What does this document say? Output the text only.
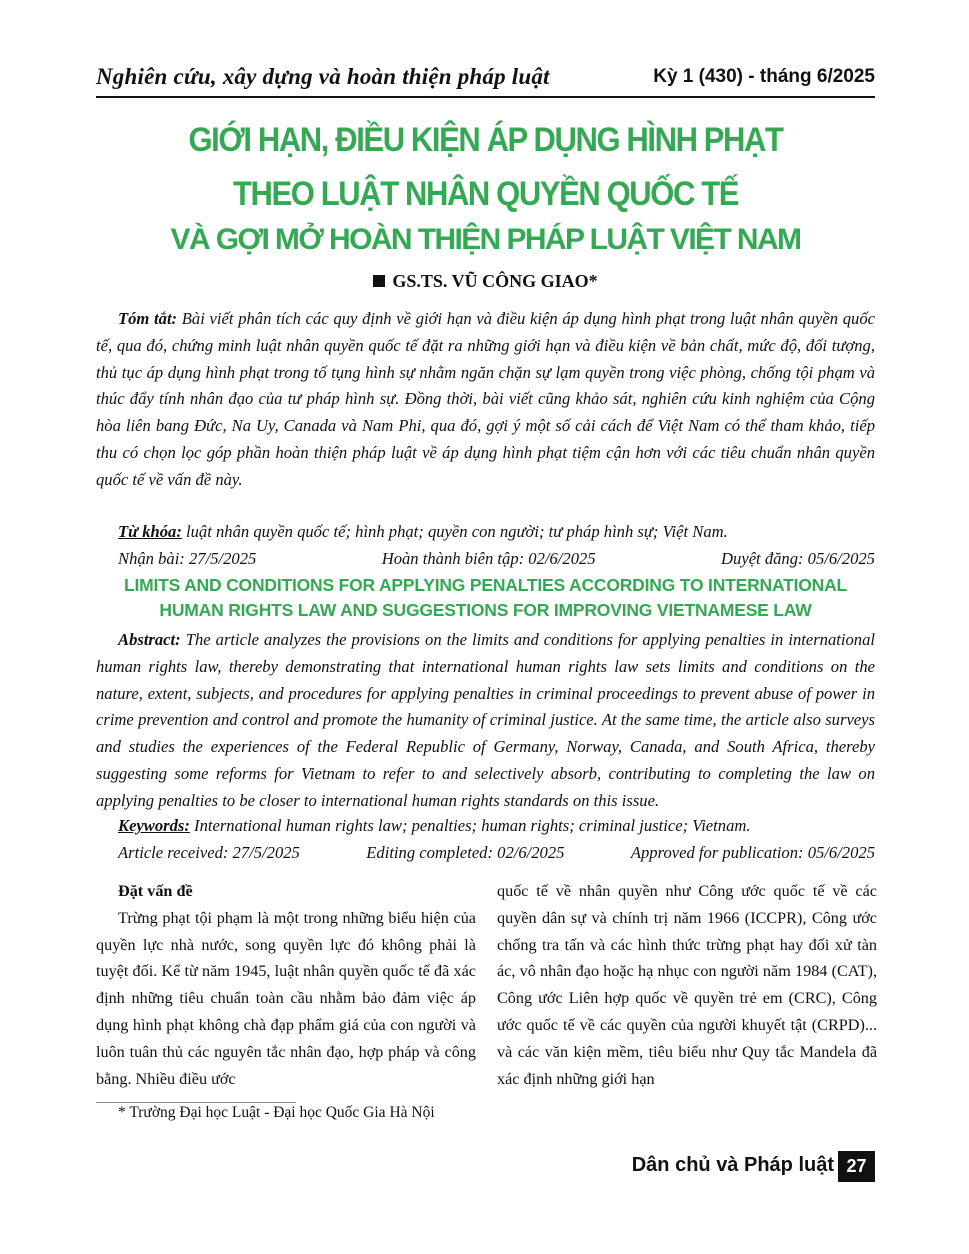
Nghiên cứu, xây dựng và hoàn thiện pháp luật	Kỳ 1 (430) - tháng 6/2025
GIỚI HẠN, ĐIỀU KIỆN ÁP DỤNG HÌNH PHẠT
THEO LUẬT NHÂN QUYỀN QUỐC TẾ
VÀ GỢI MỞ HOÀN THIỆN PHÁP LUẬT VIỆT NAM
GS.TS. VŨ CÔNG GIAO*
Tóm tắt: Bài viết phân tích các quy định về giới hạn và điều kiện áp dụng hình phạt trong luật nhân quyền quốc tế, qua đó, chứng minh luật nhân quyền quốc tế đặt ra những giới hạn và điều kiện về bản chất, mức độ, đối tượng, thủ tục áp dụng hình phạt trong tố tụng hình sự nhằm ngăn chặn sự lạm quyền trong việc phòng, chống tội phạm và thúc đẩy tính nhân đạo của tư pháp hình sự. Đồng thời, bài viết cũng khảo sát, nghiên cứu kinh nghiệm của Cộng hòa liên bang Đức, Na Uy, Canada và Nam Phi, qua đó, gợi ý một số cải cách để Việt Nam có thể tham khảo, tiếp thu có chọn lọc góp phần hoàn thiện pháp luật về áp dụng hình phạt tiệm cận hơn với các tiêu chuẩn nhân quyền quốc tế về vấn đề này.
Từ khóa: luật nhân quyền quốc tế; hình phạt; quyền con người; tư pháp hình sự; Việt Nam.
Nhận bài: 27/5/2025	Hoàn thành biên tập: 02/6/2025	Duyệt đăng: 05/6/2025
LIMITS AND CONDITIONS FOR APPLYING PENALTIES ACCORDING TO INTERNATIONAL
HUMAN RIGHTS LAW AND SUGGESTIONS FOR IMPROVING VIETNAMESE LAW
Abstract: The article analyzes the provisions on the limits and conditions for applying penalties in international human rights law, thereby demonstrating that international human rights law sets limits and conditions on the nature, extent, subjects, and procedures for applying penalties in criminal proceedings to prevent abuse of power in crime prevention and control and promote the humanity of criminal justice. At the same time, the article also surveys and studies the experiences of the Federal Republic of Germany, Norway, Canada, and South Africa, thereby suggesting some reforms for Vietnam to refer to and selectively absorb, contributing to completing the law on applying penalties to be closer to international human rights standards on this issue.
Keywords: International human rights law; penalties; human rights; criminal justice; Vietnam.
Article received: 27/5/2025	Editing completed: 02/6/2025	Approved for publication: 05/6/2025
Đặt vấn đề
Trừng phạt tội phạm là một trong những biểu hiện của quyền lực nhà nước, song quyền lực đó không phải là tuyệt đối. Kể từ năm 1945, luật nhân quyền quốc tế đã xác định những tiêu chuẩn toàn cầu nhằm bảo đảm việc áp dụng hình phạt không chà đạp phẩm giá của con người và luôn tuân thủ các nguyên tắc nhân đạo, hợp pháp và công bằng. Nhiều điều ước
quốc tế về nhân quyền như Công ước quốc tế về các quyền dân sự và chính trị năm 1966 (ICCPR), Công ước chống tra tấn và các hình thức trừng phạt hay đối xử tàn ác, vô nhân đạo hoặc hạ nhục con người năm 1984 (CAT), Công ước Liên hợp quốc về quyền trẻ em (CRC), Công ước quốc tế về các quyền của người khuyết tật (CRPD)... và các văn kiện mềm, tiêu biểu như Quy tắc Mandela đã xác định những giới hạn
* Trường Đại học Luật - Đại học Quốc Gia Hà Nội
Dân chủ và Pháp luật 27
